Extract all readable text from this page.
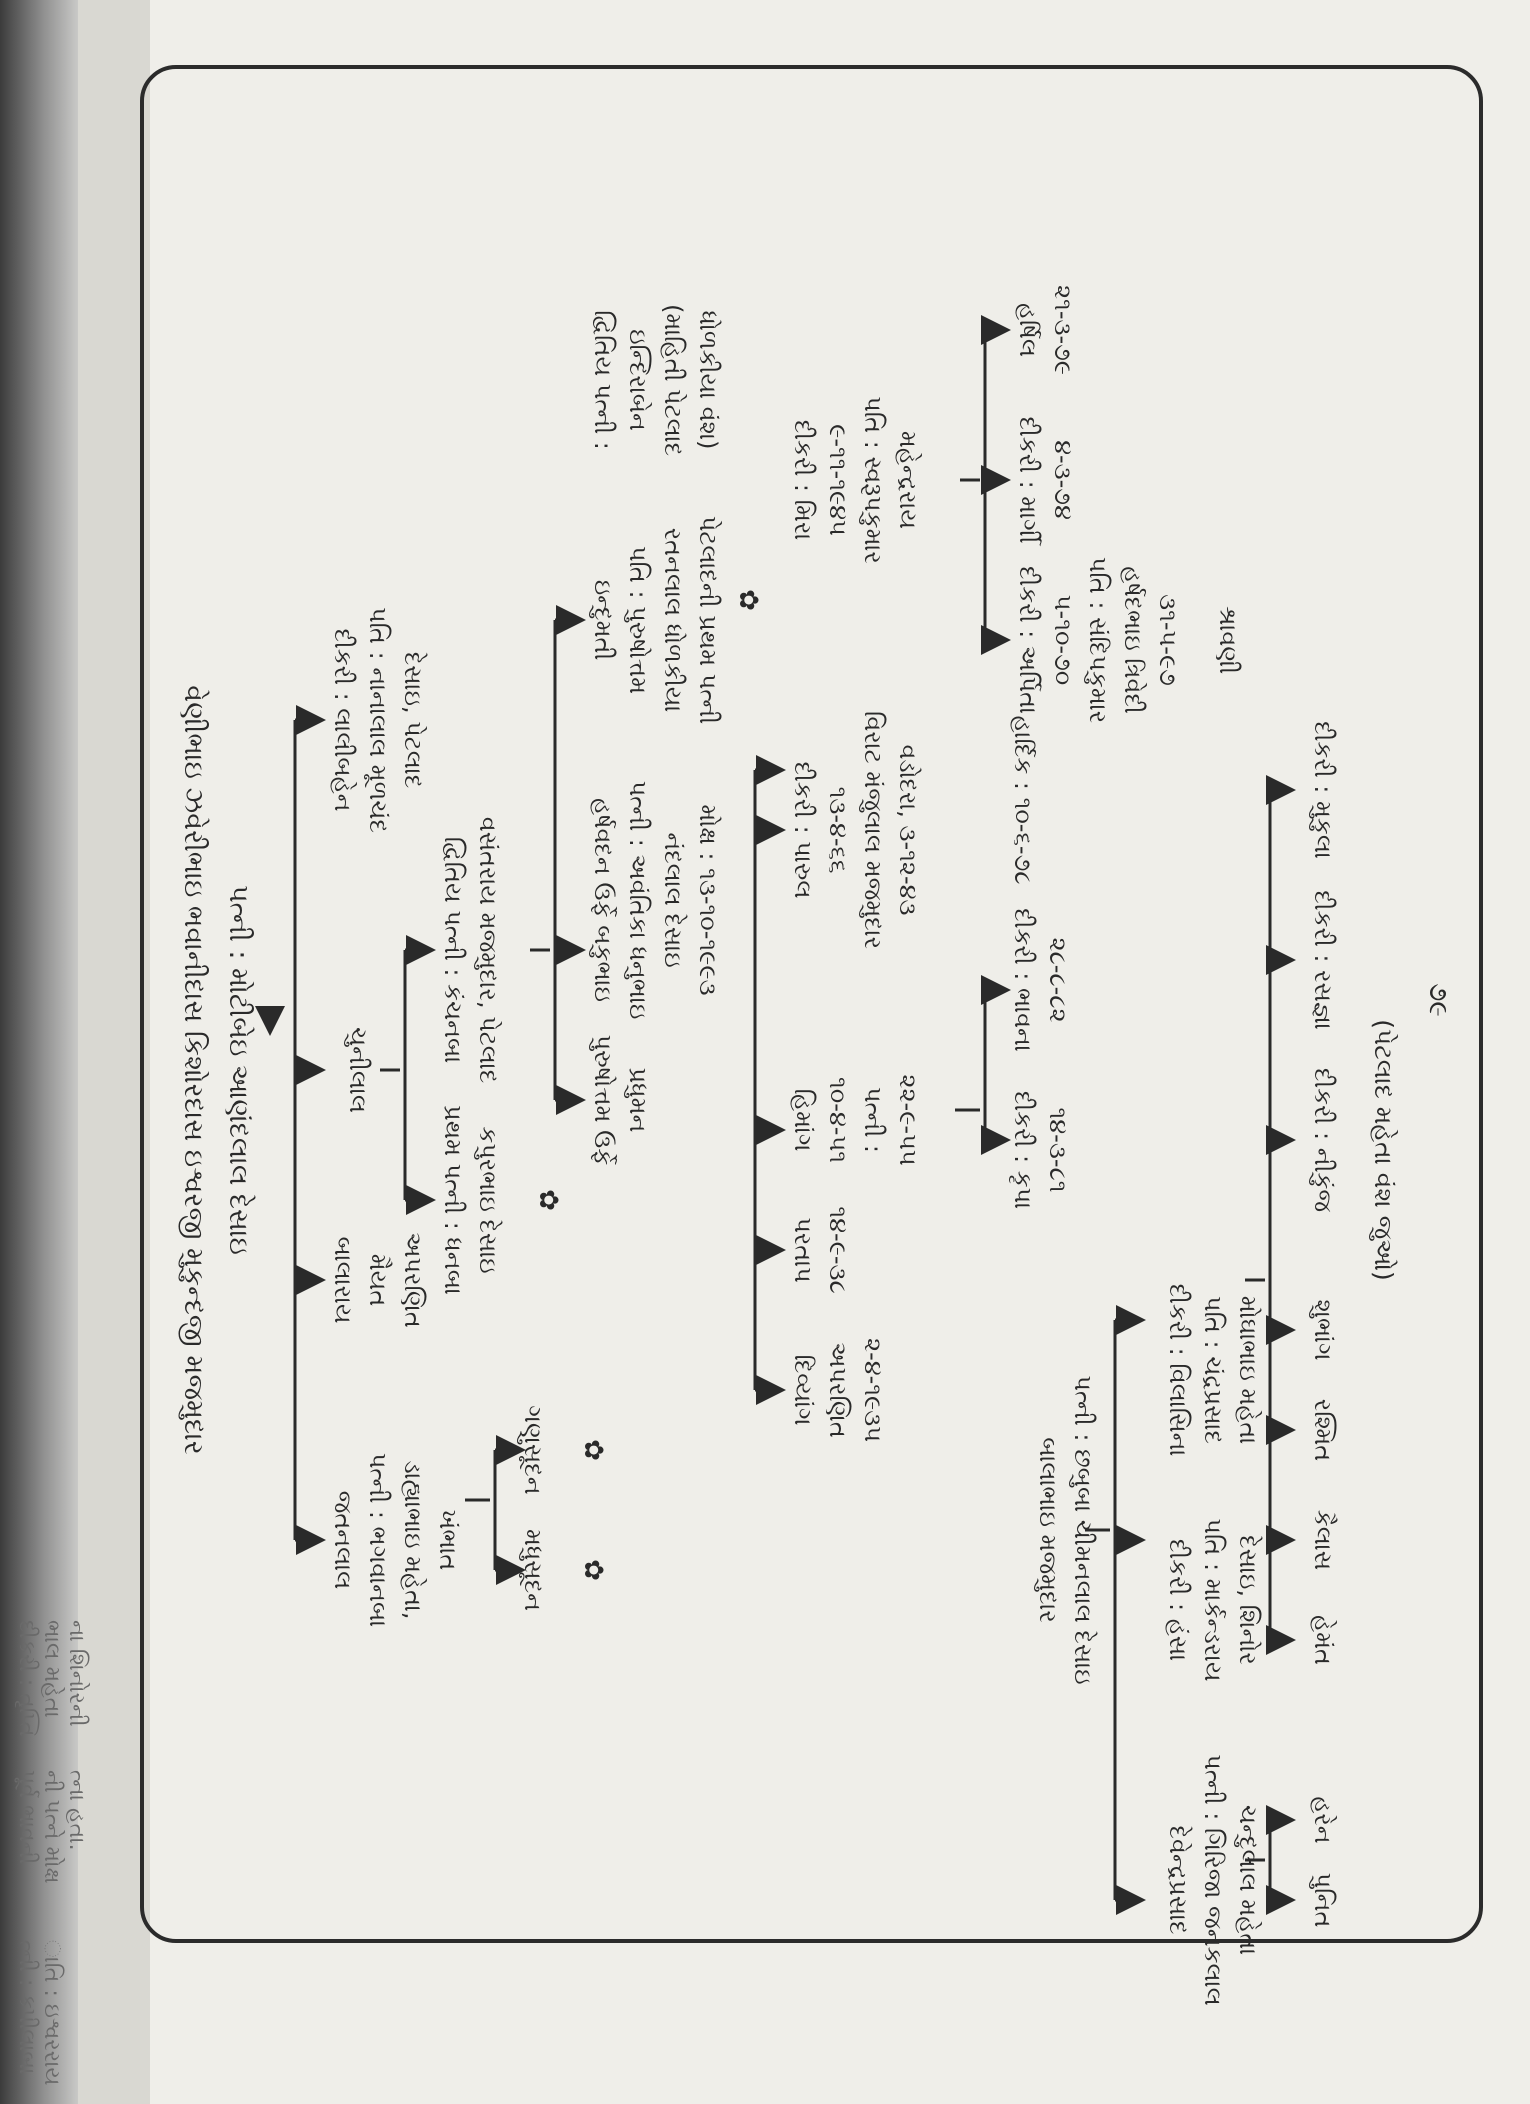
વેણીભાઇ ઝવેરીભાઇ ભવાનીદાસ કિશોરદાસ ઇશ્વરજી મુકુન્દજી મજમુદાર પત્ની : મોટીબેઇ આણંદલાલ દેસાઇ
જતનલાલ પત્ની : ભગવાનબા ડાહ્યાભાઇ મહેતા, ખંભાત
બાલારાય મૈયત અપરણિત
ચુનીલાલ
દીકરી : લાલીબહેન પતિ : નાનાલાલ મૂળચંદ દેસાઇ, પેટલાદ
પ્રથમ પત્ની : ધનબા કપુરભાઇ દેસાઇ
દ્વિતિય પત્ની : કંચનબા વસંતરાય મજમુદાર, પેટલાદ
મધુસૂદન
ગણુસૂદન
પુરુષોત્તમ ઉર્ફે પ્રધુમન
હર્ષવદન ઉર્ફે બકુભાઇ પત્ની : અવંતિકા ધનુભાઇ નંદલાલ દેસાઇ મોક્ષ : ૧૩-૧૦-૧૯૯૩
ઇન્દુમતી પતિ : પુરુષોત્તમ રતનલાલ ધોળકીયા પેટલાદની પ્રથમ પત્ની
દ્વિતિય પત્ની : ઇન્દિરાબેન (માહિતી પેટલાદ ધોળકીયા વંશ)
દિવ્યાંગ અપરણિત ૨-૪-૧૯૩૫
પરતાપ ૧૪-૯-૩૮
હિમાંગ ૧૦-૪-૫૧ પત્ની : ૨૨-૯-૫૫	દીકરી : કૃપા ૧૪-૩-૮૧
દીકરી : ભાવના ૨૮-૮-૮૨
દીકરી : પારુલ ૧૩-૪-૬૬ વિરાટ મંજુલાલ મજમુદાર વડોદરા, ૩-૧૨-૪૩	હાર્દિક : ૧૦-૬-૭૮
દીકરી : મિરા ૯-૧૧-૧૯૪૫ પતિ : સ્વરૂપકુમાર મહેન્દ્રરાય
દીકરી : અર્પિતા ૫-૧૦-૭૦ પતિ : સંદિપકુમાર હર્ષદભાઇ ત્રિવેદી ૩૧-૫-૯૭ શ્રાવણી
દીકરી : માર્ગી ૪-૩-૭૪
હર્ષિલ ૨૧-૩-૭૯
બાલાભાઇ મજમુદાર પત્ની : છબુબા ચીમનલાલ દેસાઇ
દેવેન્દ્રપ્રસાદ પત્ની : ગિરિજા જનકલાલ ચન્દુલાલ મહેતા
દીકરી : હંસા પતિ : માર્કન્ડરાય દેસાઇ, શિનોર
દીકરી : વિલાસિના પતિ : ચંદ્રપ્રસાદ મોઘાભાઇ મહેતા
પુનિત
હરેન
હેમંત
કૈલાસ
રશ્મિત
શુભાંગ
દીકરી : નીકુંજ
દીકરી : રસજ્ઞા
દીકરી : મુકુલા
(પેટલાદ મહેતા વંશ જુઓ)
૭૯
✿
✿
✿
✿
ત્ની : કપીલાબા ાતિ : ઇશ્વરરાય
પૂર્વ ભાવની ની પત્ને મોક્ષ ત્ના હતા.
દીકરી : તૃપ્તિ ભાલ મહેતા ના શિનોરની
